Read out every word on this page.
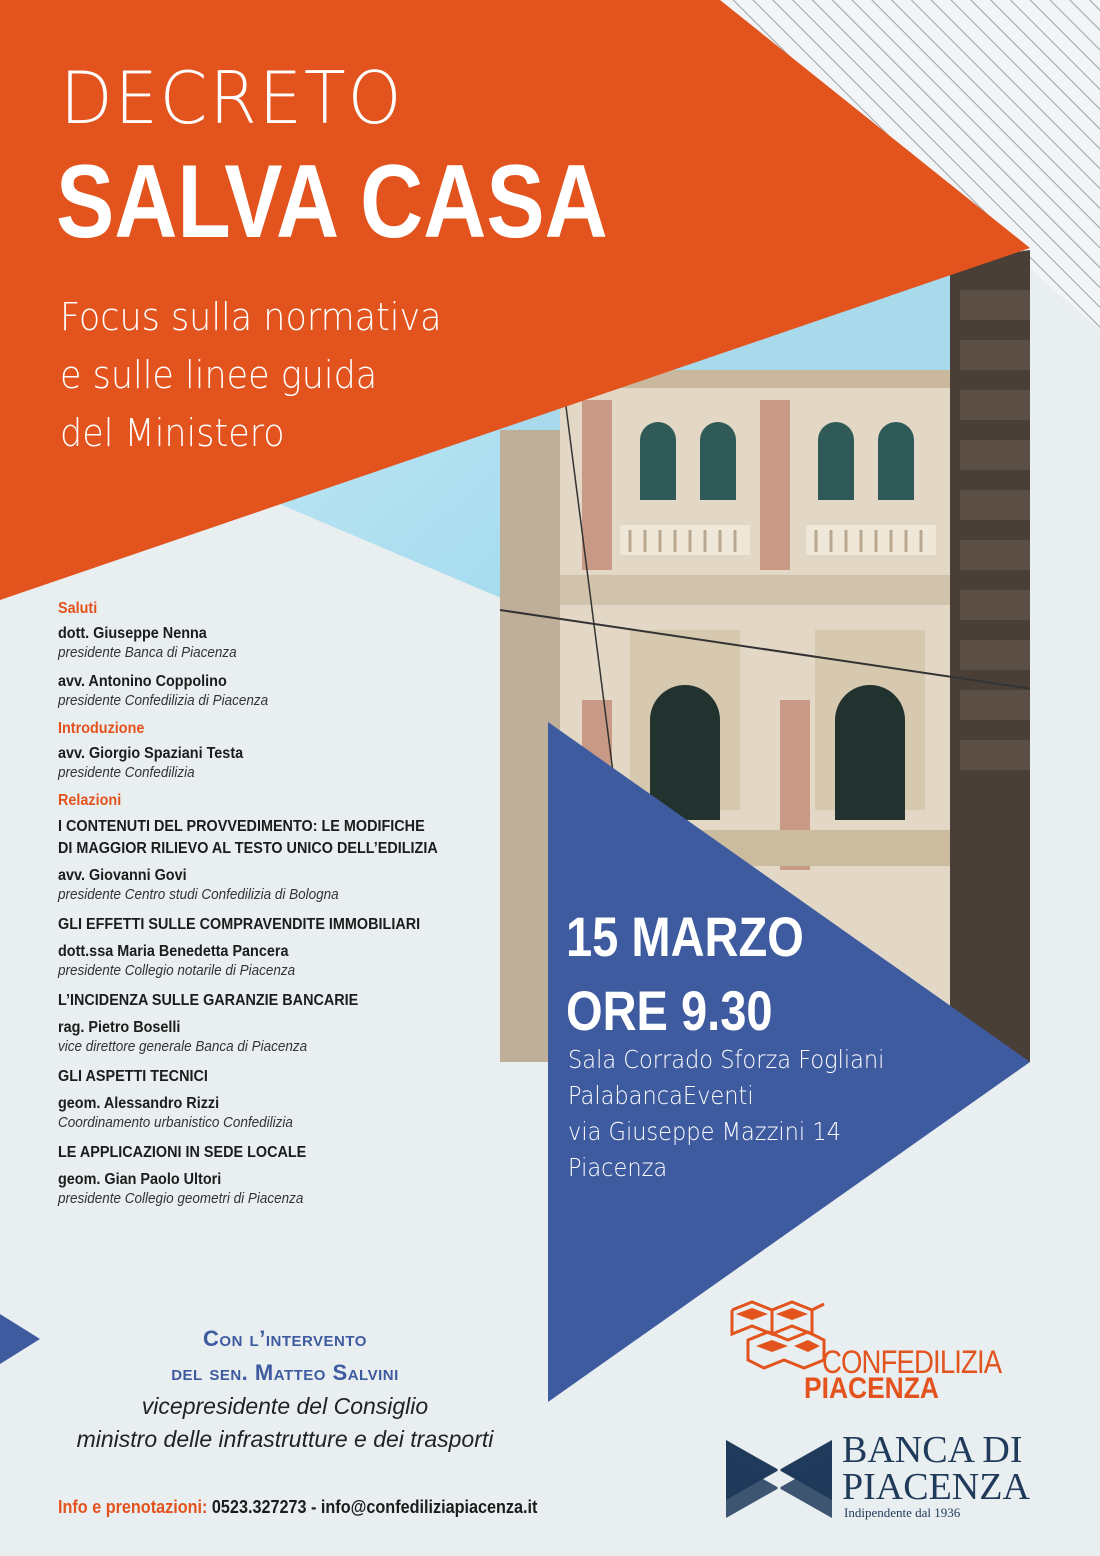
DECRETO
SALVA CASA
Focus sulla normativa
e sulle linee guida
del Ministero
Saluti
dott. Giuseppe Nenna
presidente Banca di Piacenza
avv. Antonino Coppolino
presidente Confedilizia di Piacenza
Introduzione
avv. Giorgio Spaziani Testa
presidente Confedilizia
Relazioni
I CONTENUTI DEL PROVVEDIMENTO: LE MODIFICHE
DI MAGGIOR RILIEVO AL TESTO UNICO DELL’EDILIZIA
avv. Giovanni Govi
presidente Centro studi Confedilizia di Bologna
GLI EFFETTI SULLE COMPRAVENDITE IMMOBILIARI
dott.ssa Maria Benedetta Pancera
presidente Collegio notarile di Piacenza
L’INCIDENZA SULLE GARANZIE BANCARIE
rag. Pietro Boselli
vice direttore generale Banca di Piacenza
GLI ASPETTI TECNICI
geom. Alessandro Rizzi
Coordinamento urbanistico Confedilizia
LE APPLICAZIONI IN SEDE LOCALE
geom. Gian Paolo Ultori
presidente Collegio geometri di Piacenza
15 MARZO
ORE 9.30
Sala Corrado Sforza Fogliani
PalabancaEventi
via Giuseppe Mazzini 14
Piacenza
Con l’intervento
del sen. Matteo Salvini
vicepresidente del Consiglio
ministro delle infrastrutture e dei trasporti
CONFEDILIZIA
PIACENZA
BANCA DI
PIACENZA
Indipendente dal 1936
Info e prenotazioni: 0523.327273 - info@confediliziapiacenza.it
